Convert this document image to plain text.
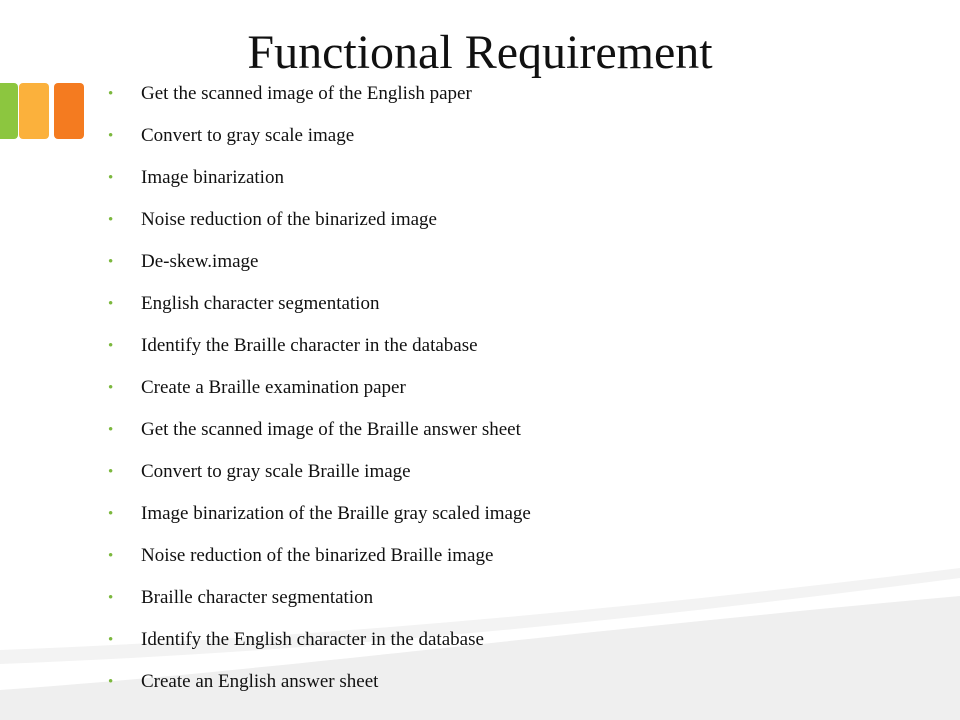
Functional Requirement
• Get the scanned image of the English paper
• Convert to gray scale image
• Image binarization
• Noise reduction of the binarized image
• De-skew.image
• English character segmentation
• Identify the Braille character in the database
• Create a Braille examination paper
• Get the scanned image of the Braille answer sheet
• Convert to gray scale Braille image
• Image binarization of the Braille gray scaled image
• Noise reduction of the binarized Braille image
• Braille character segmentation
• Identify the English character in the database
• Create an English answer sheet
